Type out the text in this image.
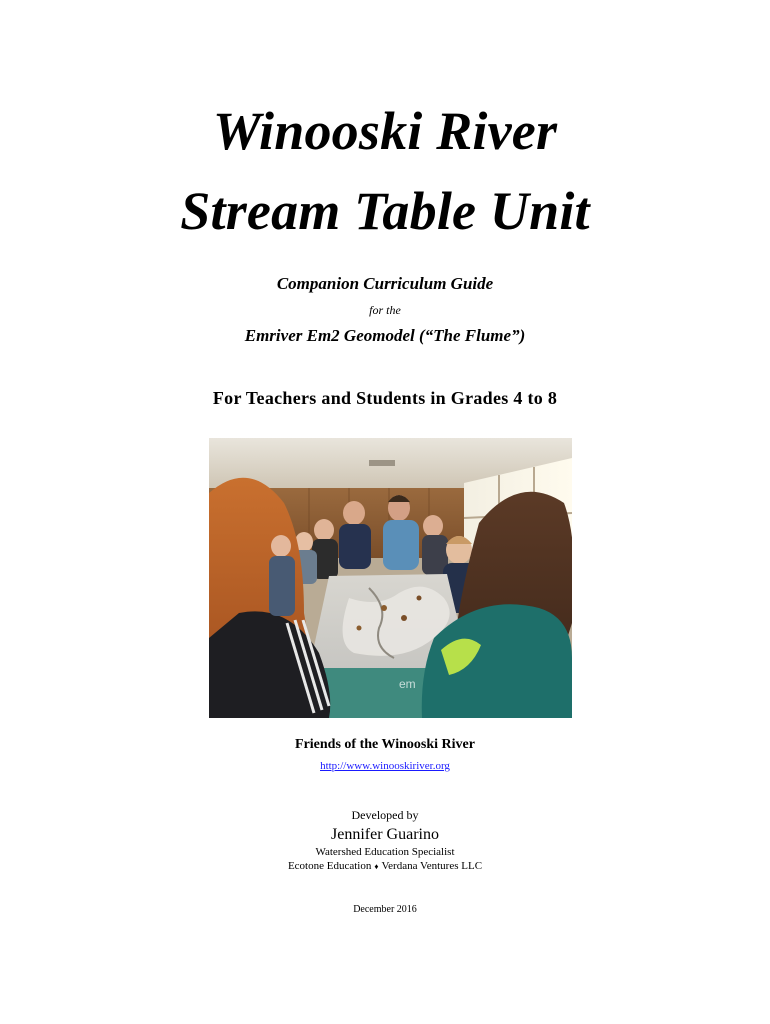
Winooski River
Stream Table Unit

Companion Curriculum Guide

for the

Emriver Em2 Geomodel (“The Flume”)

For Teachers and Students in Grades 4 to 8

em

Friends of the Winooski River

http://www.winooskiriver.org

Developed by

Jennifer Guarino

Watershed Education Specialist

Ecotone Education ♦ Verdana Ventures LLC

December 2016
